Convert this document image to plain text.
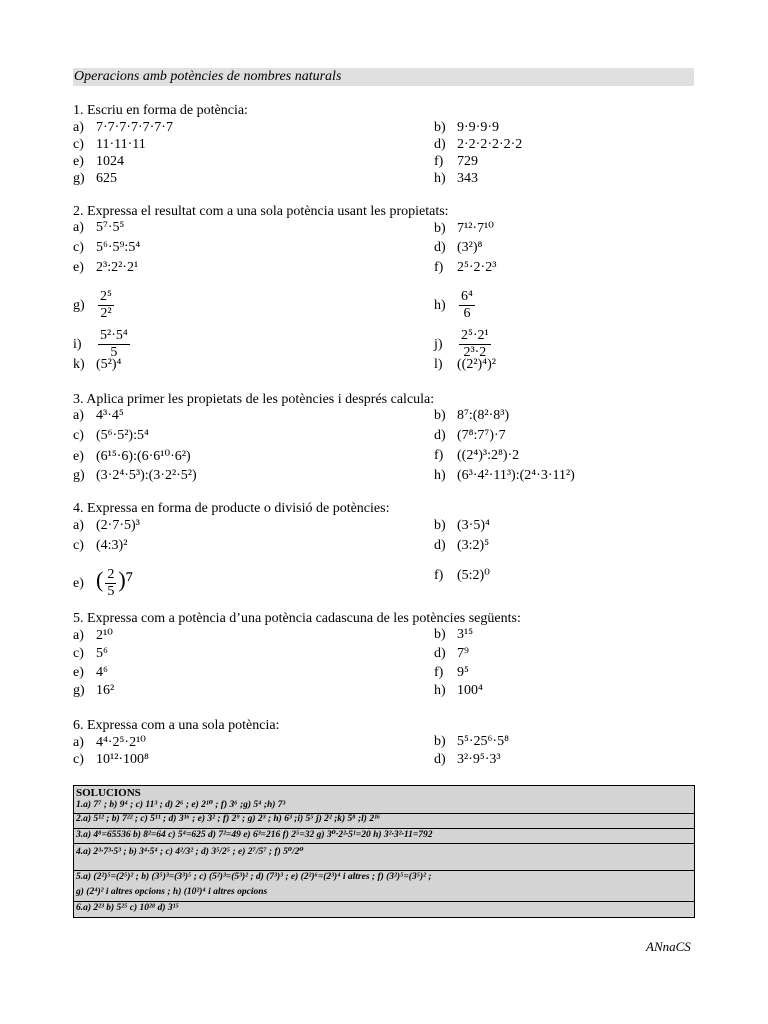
Operacions amb potències de nombres naturals
1. Escriu en forma de potència:
a) 7·7·7·7·7·7·7	b) 9·9·9·9
c) 11·11·11	d) 2·2·2·2·2·2
e) 1024	f) 729
g) 625	h) 343
2. Expressa el resultat com a una sola potència usant les propietats:
a) 5⁷·5⁵	b) 7¹²·7¹⁰
c) 5⁶·5⁹:5⁴	d) (3²)⁸
e) 2³:2²·2¹	f) 2⁵·2·2³
$g) \frac{\text{2⁵}}{\text{2²}}$	$h) \frac{\text{6⁴}}{6}$
i)	$\frac{\text{5²·5⁴}}{5}$	j)	$\frac{\text{2⁵·2¹}}{\text{2³·2}}$
k) (5²)⁴	l)	((2²)⁴)²
3. Aplica primer les propietats de les potències i després calcula:
a) 4³·4⁵	b) 8⁷:(8²·8³)
c) (5⁶·5²):5⁴	d) (7⁸:7⁷)·7
e) (6¹⁵·6):(6·6¹⁰·6²)	f) ((2⁴)³:2⁸)·2
g) (3·2⁴·5³):(3·2²·5²)	h) (6³·4²·11³):(2⁴·3·11²)
4. Expressa en forma de producte o divisió de potències:
a) (2·7·5)³	b) (3·5)⁴
c) (4:3)²	d) (3:2)⁵
e) ( $\frac{2}{5} )^7$	f) (5:2)⁰
5. Expressa com a potència d’una potència cadascuna de les potències següents:
a) 2¹⁰	b) 3¹⁵
c) 5⁶	d) 7⁹
e) 4⁶	f) 9⁵
g) 16²	h) 100⁴
6. Expressa com a una sola potència:
a) 4⁴·2⁵·2¹⁰	b) 5⁵·25⁶·5⁸
c) 10¹²·100⁸	d) 3²·9⁵·3³
SOLUCIONS
1.a) 7⁷ ; b) 9⁴ ; c) 11³ ; d) 2⁶ ; e) 2¹⁰ ; f) 3⁶ ;g) 5⁴ ;h) 7³
2.a) 5¹² ; b) 7²² ; c) 5¹¹ ; d) 3¹⁶ ; e) 3² ; f) 2⁹ ; g) 2³ ; h) 6³ ;i) 5⁵ j) 2² ;k) 5⁸ ;l) 2¹⁶
3.a) 4⁸=65536 b) 8²=64 c) 5⁴=625 d) 7²=49 e) 6³=216 f) 2⁵=32 g) 3⁰·2²·5¹=20 h) 3²·3²·11=792
4.a) 2³·7³·5³ ; b) 3⁴·5⁴ ; c) 4²/3² ; d) 3⁵/2⁵ ; e) 2⁷/5⁷ ; f) 5⁰/2⁰
5.a) (2²)⁵=(2⁵)² ; b) (3⁵)³=(3³)⁵ ; c) (5²)³=(5³)² ; d) (7³)³ ; e) (2²)⁶=(2³)⁴ i altres ; f) (3²)⁵=(3⁵)² ;
g) (2⁴)² i altres opcions ; h) (10²)⁴ i altres opcions
6.a) 2²³ b) 5²⁵ c) 10²⁸ d) 3¹⁵
ANnaCS
